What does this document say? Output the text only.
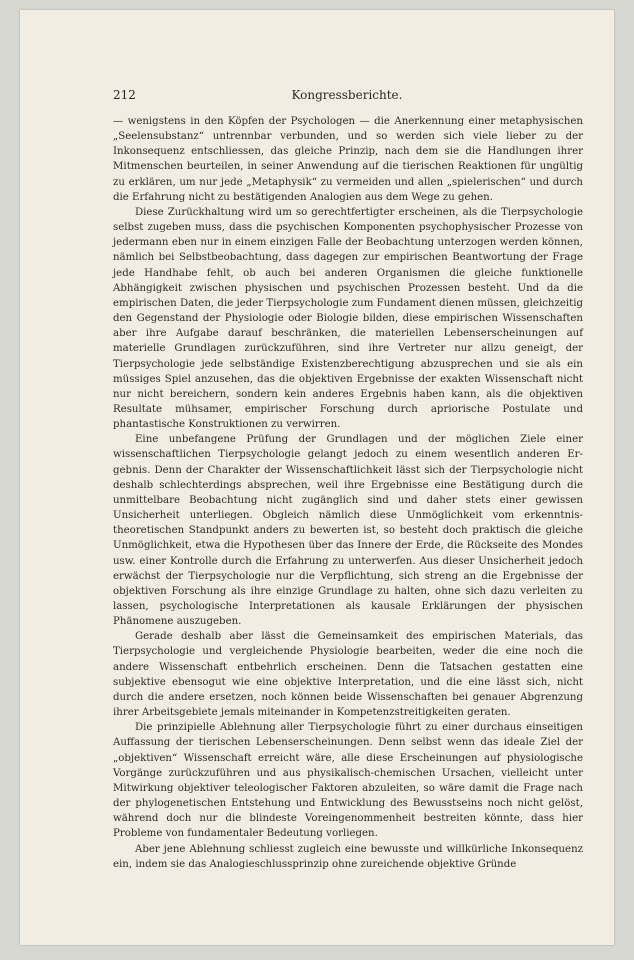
212	Kongressberichte.

— wenigstens in den Köpfen der Psychologen — die Anerkennung einer metaphysischen „Seelensubstanz“ untrennbar verbunden, und so werden sich viele lieber zu der Inkonsequenz entschliessen, das gleiche Prinzip, nach dem sie die Handlungen ihrer Mitmenschen beurteilen, in seiner Anwendung auf die tierischen Reaktionen für ungültig zu erklären, um nur jede „Metaphysik“ zu vermeiden und allen „spielerischen“ und durch die Erfahrung nicht zu bestätigenden Analogien aus dem Wege zu gehen.

Diese Zurückhaltung wird um so gerechtfertigter erscheinen, als die Tierpsychologie selbst zugeben muss, dass die psychischen Komponenten psychophysischer Prozesse von jedermann eben nur in einem einzigen Falle der Beobachtung unterzogen werden können, nämlich bei Selbstbeobachtung, dass dagegen zur empirischen Beantwortung der Frage jede Handhabe fehlt, ob auch bei anderen Organismen die gleiche funktionelle Abhängigkeit zwischen physischen und psychischen Prozessen besteht. Und da die empirischen Daten, die jeder Tierpsychologie zum Fundament dienen müssen, gleichzeitig den Gegenstand der Physiologie oder Biologie bilden, diese empirischen Wissenschaften aber ihre Aufgabe darauf beschränken, die materiellen Lebenserscheinungen auf materielle Grundlagen zurückzuführen, sind ihre Vertreter nur allzu geneigt, der Tierpsychologie jede selbständige Existenzberechtigung abzusprechen und sie als ein müssiges Spiel anzusehen, das die objektiven Ergebnisse der exakten Wissenschaft nicht nur nicht bereichern, sondern kein anderes Ergebnis haben kann, als die objektiven Resultate mühsamer, empirischer Forschung durch apriorische Postulate und phantastische Konstruktionen zu verwirren.

Eine unbefangene Prüfung der Grundlagen und der möglichen Ziele einer wissenschaftlichen Tierpsychologie gelangt jedoch zu einem wesentlich anderen Ergebnis. Denn der Charakter der Wissenschaftlichkeit lässt sich der Tierpsychologie nicht deshalb schlechterdings absprechen, weil ihre Ergebnisse eine Bestätigung durch die unmittelbare Beobachtung nicht zugänglich sind und daher stets einer gewissen Unsicherheit unterliegen. Obgleich nämlich diese Unmöglichkeit vom erkenntnistheoretischen Standpunkt anders zu bewerten ist, so besteht doch praktisch die gleiche Unmöglichkeit, etwa die Hypothesen über das Innere der Erde, die Rückseite des Mondes usw. einer Kontrolle durch die Erfahrung zu unterwerfen. Aus dieser Unsicherheit jedoch erwächst der Tierpsychologie nur die Verpflichtung, sich streng an die Ergebnisse der objektiven Forschung als ihre einzige Grundlage zu halten, ohne sich dazu verleiten zu lassen, psychologische Interpretationen als kausale Erklärungen der physischen Phänomene auszugeben.

Gerade deshalb aber lässt die Gemeinsamkeit des empirischen Materials, das Tierpsychologie und vergleichende Physiologie bearbeiten, weder die eine noch die andere Wissenschaft entbehrlich erscheinen. Denn die Tatsachen gestatten eine subjektive ebensogut wie eine objektive Interpretation, und die eine lässt sich, nicht durch die andere ersetzen, noch können beide Wissenschaften bei genauer Abgrenzung ihrer Arbeitsgebiete jemals miteinander in Kompetenzstreitigkeiten geraten.

Die prinzipielle Ablehnung aller Tierpsychologie führt zu einer durchaus einseitigen Auffassung der tierischen Lebenserscheinungen. Denn selbst wenn das ideale Ziel der „objektiven“ Wissenschaft erreicht wäre, alle diese Erscheinungen auf physiologische Vorgänge zurückzuführen und aus physikalisch-chemischen Ursachen, vielleicht unter Mitwirkung objektiver teleologischer Faktoren abzuleiten, so wäre damit die Frage nach der phylogenetischen Entstehung und Entwicklung des Bewusstseins noch nicht gelöst, während doch nur die blindeste Voreingenommenheit bestreiten könnte, dass hier Probleme von fundamentaler Bedeutung vorliegen.

Aber jene Ablehnung schliesst zugleich eine bewusste und willkürliche Inkonsequenz ein, indem sie das Analogieschlussprinzip ohne zureichende objektive Gründe
